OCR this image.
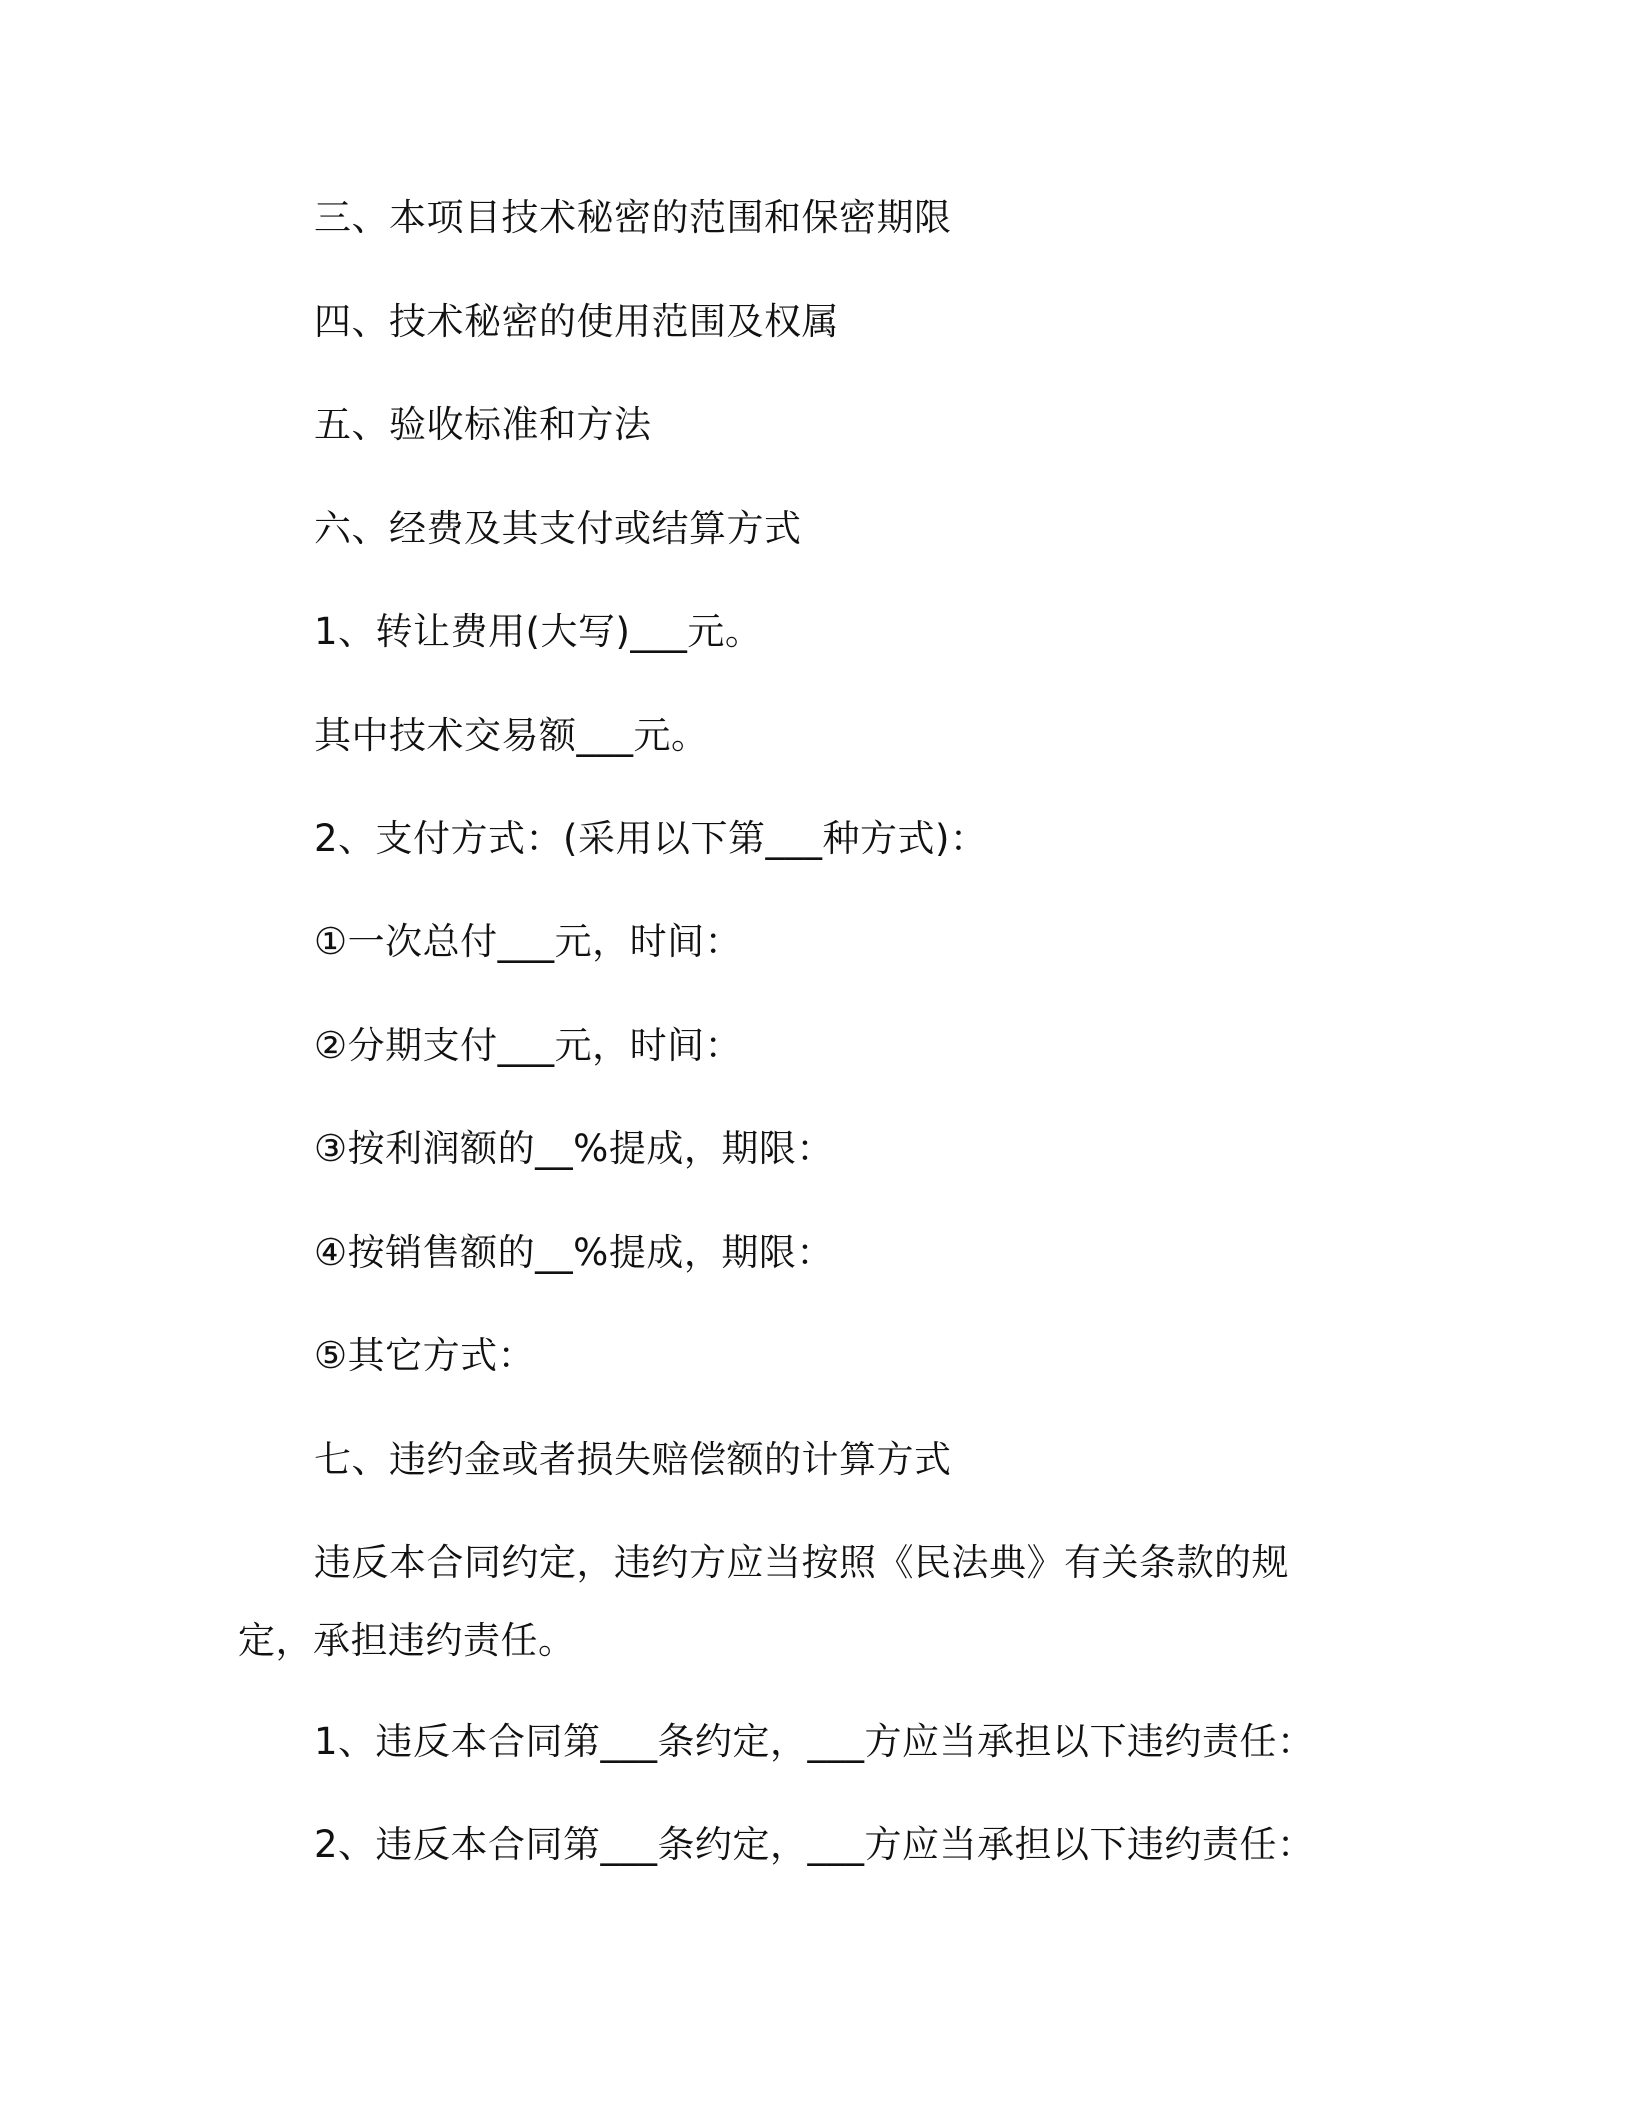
三、本项目技术秘密的范围和保密期限
四、技术秘密的使用范围及权属
五、验收标准和方法
六、经费及其支付或结算方式
1、转让费用(大写)___元。
其中技术交易额___元。
2、支付方式：(采用以下第___种方式)：
①一次总付___元，时间：
②分期支付___元，时间：
③按利润额的__%提成，期限：
④按销售额的__%提成，期限：
⑤其它方式：
七、违约金或者损失赔偿额的计算方式
违反本合同约定，违约方应当按照《民法典》有关条款的规定，承担违约责任。
1、违反本合同第___条约定，___方应当承担以下违约责任：
2、违反本合同第___条约定，___方应当承担以下违约责任：
